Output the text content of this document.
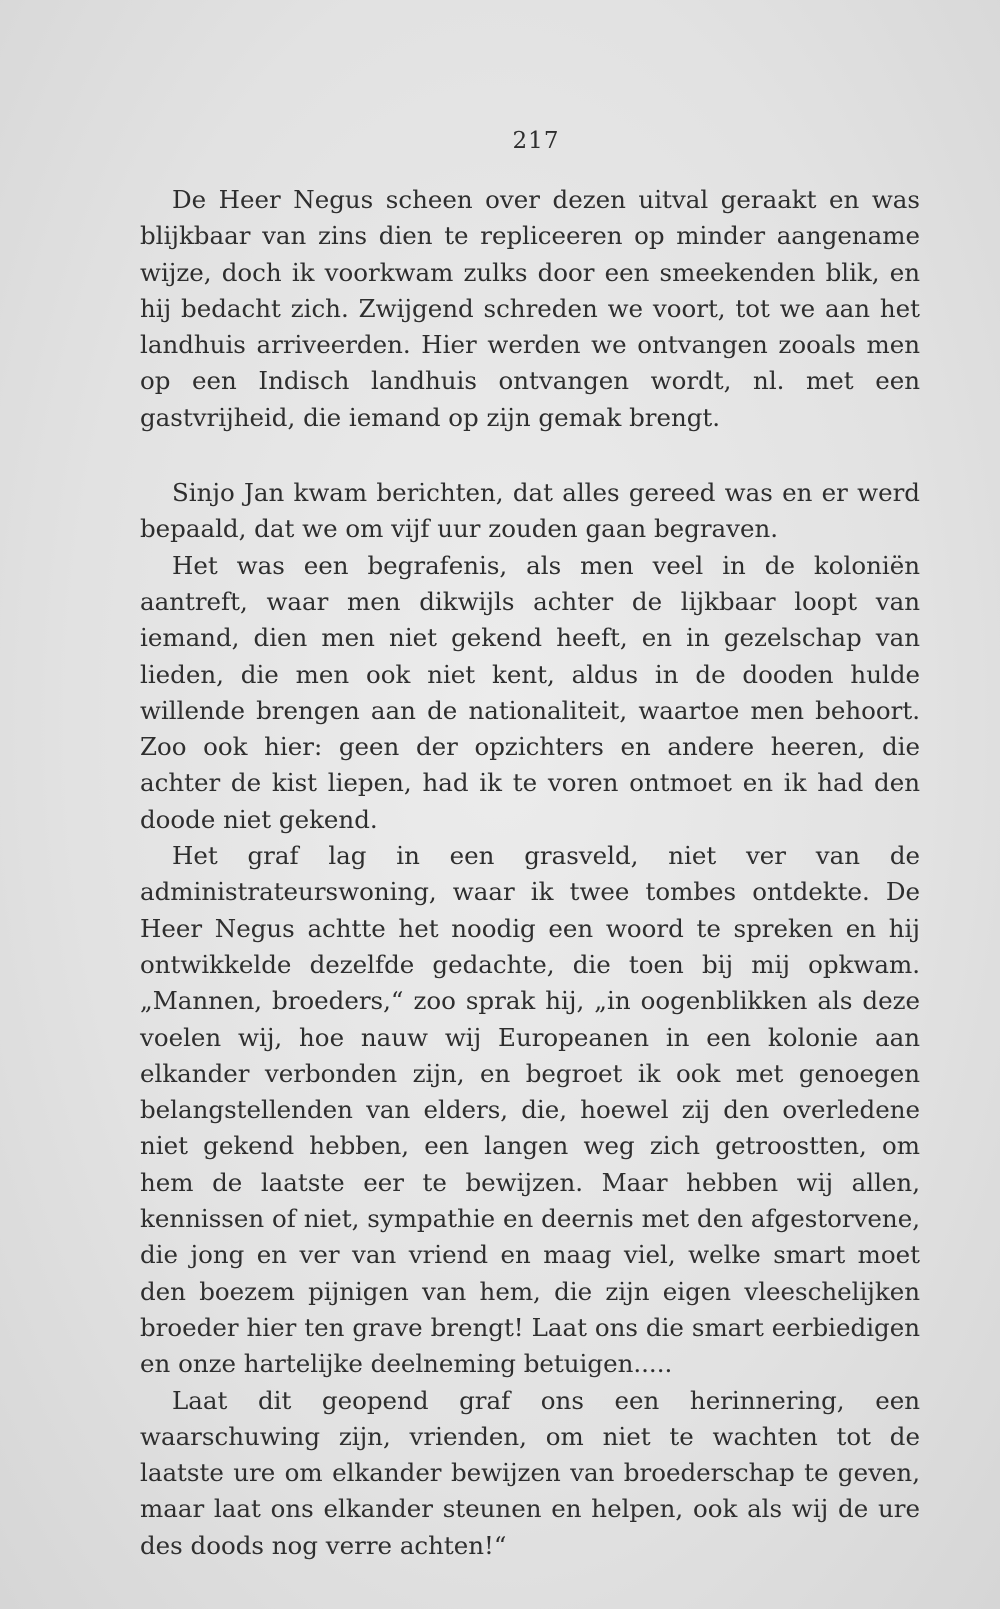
217

De Heer Negus scheen over dezen uitval geraakt en was blijkbaar van zins dien te repliceeren op minder aangename wijze, doch ik voorkwam zulks door een smeekenden blik, en hij bedacht zich. Zwijgend schreden we voort, tot we aan het landhuis arriveerden. Hier werden we ontvangen zooals men op een Indisch landhuis ontvangen wordt, nl. met een gastvrijheid, die iemand op zijn gemak brengt.

Sinjo Jan kwam berichten, dat alles gereed was en er werd bepaald, dat we om vijf uur zouden gaan begraven.

Het was een begrafenis, als men veel in de koloniën aantreft, waar men dikwijls achter de lijkbaar loopt van iemand, dien men niet gekend heeft, en in gezelschap van lieden, die men ook niet kent, aldus in de dooden hulde willende brengen aan de nationaliteit, waartoe men behoort. Zoo ook hier: geen der opzichters en andere heeren, die achter de kist liepen, had ik te voren ontmoet en ik had den doode niet gekend.

Het graf lag in een grasveld, niet ver van de administrateurswoning, waar ik twee tombes ontdekte. De Heer Negus achtte het noodig een woord te spreken en hij ontwikkelde dezelfde gedachte, die toen bij mij opkwam. „Mannen, broeders,“ zoo sprak hij, „in oogenblikken als deze voelen wij, hoe nauw wij Europeanen in een kolonie aan elkander verbonden zijn, en begroet ik ook met genoegen belangstellenden van elders, die, hoewel zij den overledene niet gekend hebben, een langen weg zich getroostten, om hem de laatste eer te bewijzen. Maar hebben wij allen, kennissen of niet, sympathie en deernis met den afgestorvene, die jong en ver van vriend en maag viel, welke smart moet den boezem pijnigen van hem, die zijn eigen vleeschelijken broeder hier ten grave brengt! Laat ons die smart eerbiedigen en onze hartelijke deelneming betuigen.....

Laat dit geopend graf ons een herinnering, een waarschuwing zijn, vrienden, om niet te wachten tot de laatste ure om elkander bewijzen van broederschap te geven, maar laat ons elkander steunen en helpen, ook als wij de ure des doods nog verre achten!“
